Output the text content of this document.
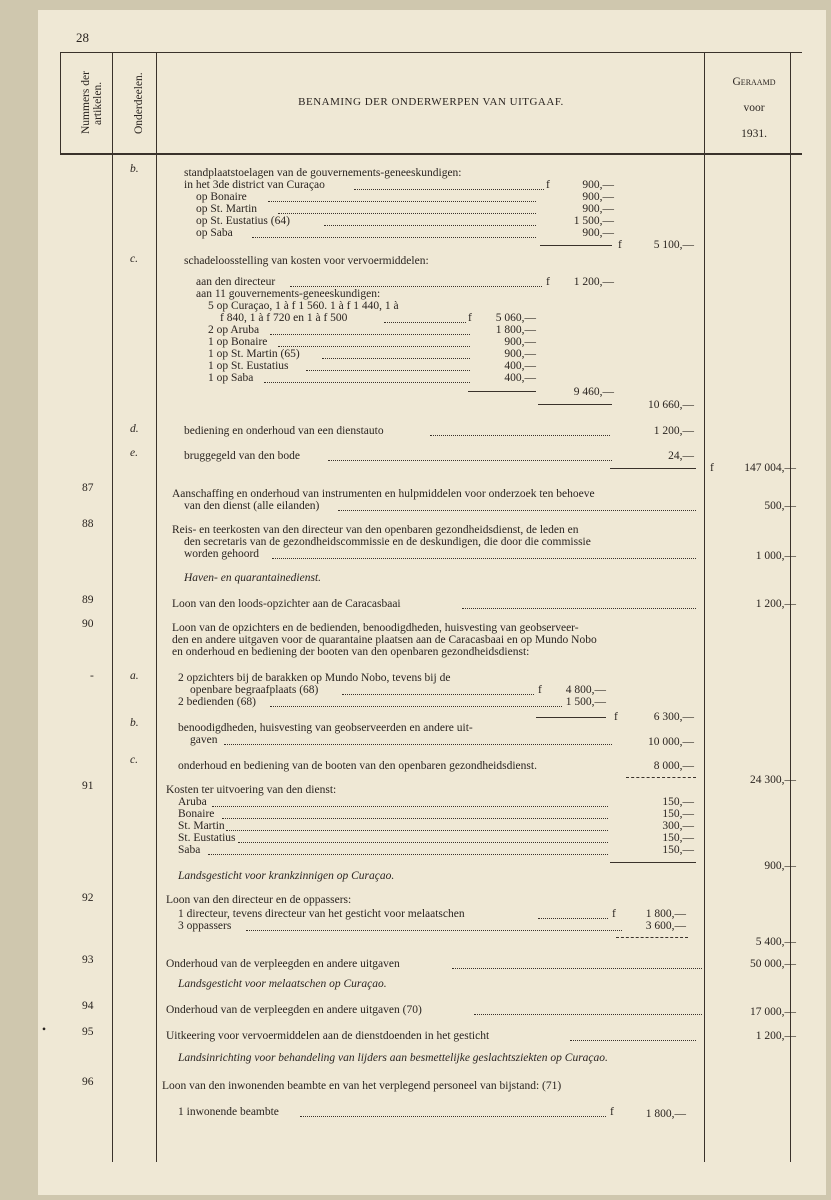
28
Nummers der artikelen.	Onderdeelen.	BENAMING DER ONDERWERPEN VAN UITGAAF.
Geraamd
voor
1931.
b.	standplaatstoelagen van de gouvernements-geneeskundigen:
in het 3de district van Curaçao	f	900,—
op Bonaire	900,—
op St. Martin	900,—
op St. Eustatius (64)	1 500,—
op Saba	900,—
f	5 100,—
c.	schadeloosstelling van kosten voor vervoermiddelen:
aan den directeur	f	1 200,—
aan 11 gouvernements-geneeskundigen:
5 op Curaçao, 1 à f 1 560. 1 à f 1 440, 1 à
f 840, 1 à f 720 en 1 à f 500	f	5 060,—
2 op Aruba	1 800,—
1 op Bonaire	900,—
1 op St. Martin (65)	900,—
1 op St. Eustatius	400,—
1 op Saba	400,—
9 460,—
10 660,—
d.	bediening en onderhoud van een dienstauto	1 200,—
e.	bruggegeld van den bode	24,—
f	147 004,—
87	Aanschaffing en onderhoud van instrumenten en hulpmiddelen voor onderzoek ten behoeve
van den dienst (alle eilanden)	500,—
88	Reis- en teerkosten van den directeur van den openbaren gezondheidsdienst, de leden en
den secretaris van de gezondheidscommissie en de deskundigen, die door die commissie
worden gehoord	1 000,—
Haven- en quarantainedienst.
89	Loon van den loods-opzichter aan de Caracasbaai	1 200,—
90	Loon van de opzichters en de bedienden, benoodigdheden, huisvesting van geobserveer-
den en andere uitgaven voor de quarantaine plaatsen aan de Caracasbaai en op Mundo Nobo
en onderhoud en bediening der booten van den openbaren gezondheidsdienst:
-	a.	2 opzichters bij de barakken op Mundo Nobo, tevens bij de
openbare begraafplaats (68)	f	4 800,—
2 bedienden (68)	1 500,—
f	6 300,—
b.	benoodigdheden, huisvesting van geobserveerden en andere uit-
gaven	10 000,—
c.	onderhoud en bediening van de booten van den openbaren gezondheidsdienst.	8 000,—
24 300,—
91	Kosten ter uitvoering van den dienst:
Aruba	150,—
Bonaire	150,—
St. Martin	300,—
St. Eustatius	150,—
Saba	150,—
900,—
Landsgesticht voor krankzinnigen op Curaçao.
92	Loon van den directeur en de oppassers:
1 directeur, tevens directeur van het gesticht voor melaatschen	f	1 800,—
3 oppassers	3 600,—
5 400,—
93	Onderhoud van de verpleegden en andere uitgaven	50 000,—
Landsgesticht voor melaatschen op Curaçao.
94	Onderhoud van de verpleegden en andere uitgaven (70)	17 000,—
•	95	Uitkeering voor vervoermiddelen aan de dienstdoenden in het gesticht	1 200,—
Landsinrichting voor behandeling van lijders aan besmettelijke geslachtsziekten op Curaçao.
96	Loon van den inwonenden beambte en van het verplegend personeel van bijstand: (71)
1 inwonende beambte	f	1 800,—
